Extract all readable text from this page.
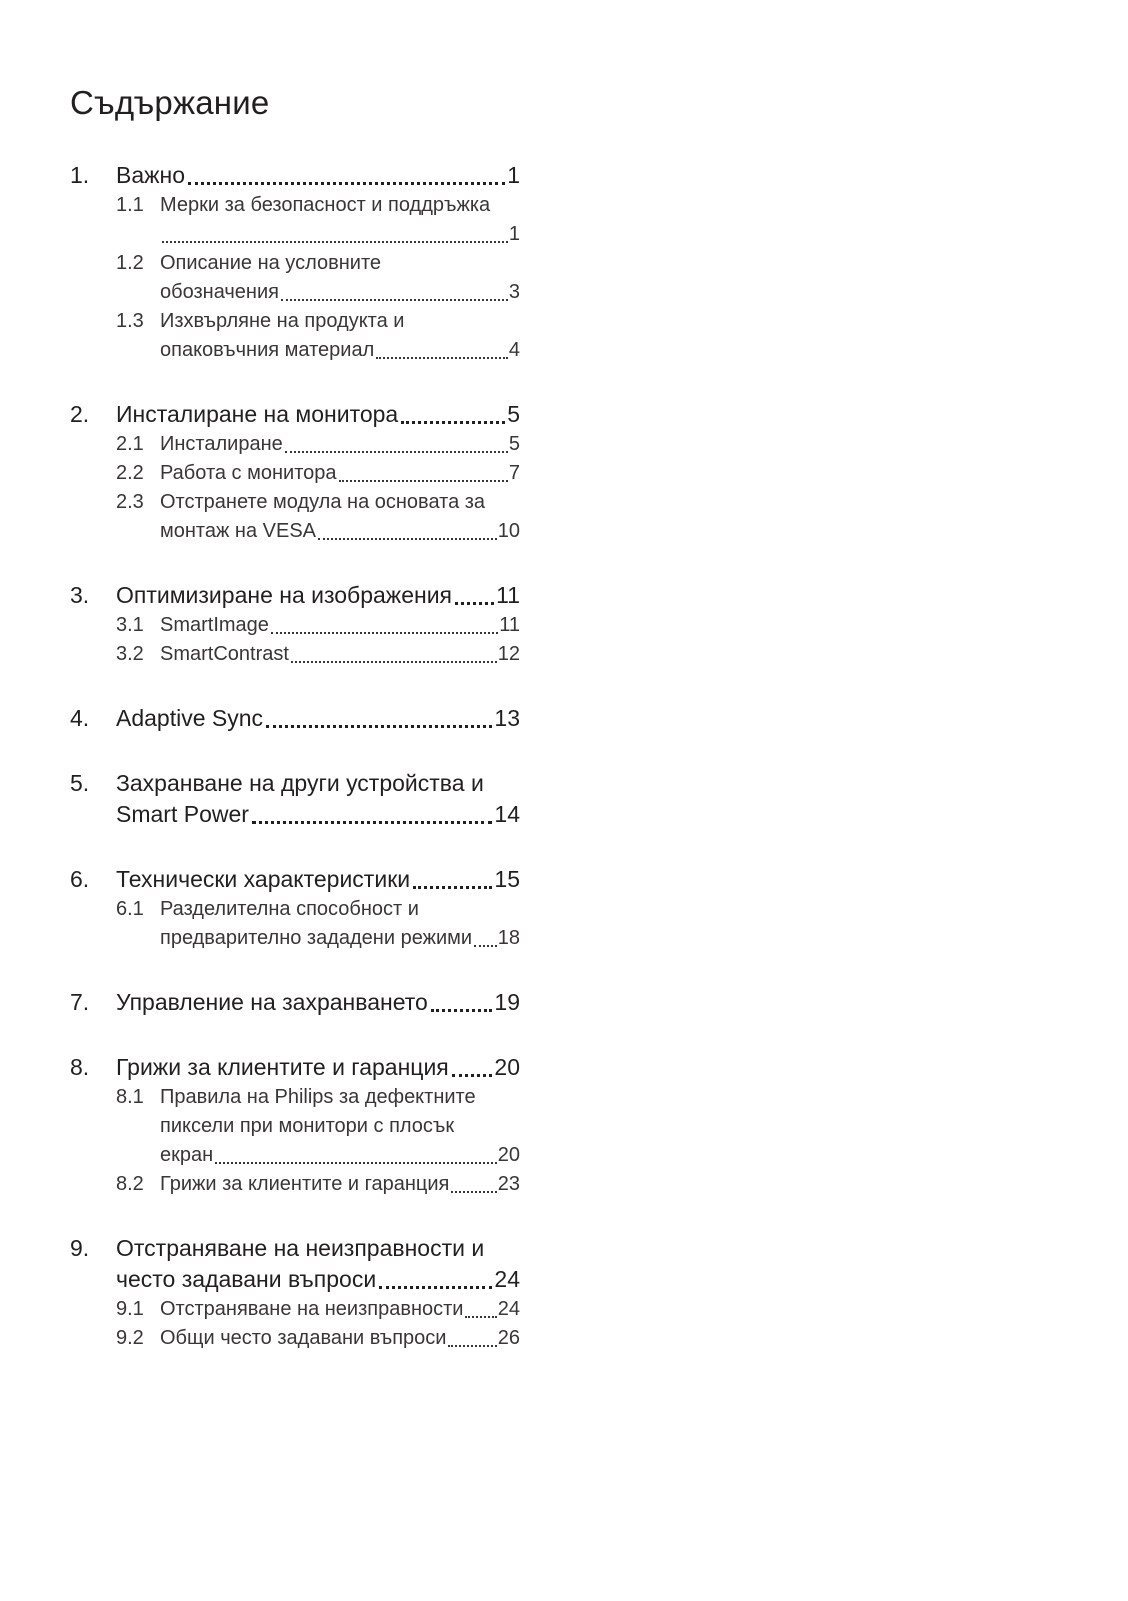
Съдържание
1.	Важно	1
1.1 Мерки за безопасност и поддръжка
1
1.2 Описание на условните
обозначения	3
1.3 Изхвърляне на продукта и
опаковъчния материал	4
2.	Инсталиране на монитора	5
2.1 Инсталиране	5
2.2 Работа с монитора	7
2.3 Отстранете модула на основата за
монтаж на VESA	10
3.	Оптимизиране на изображения 11
3.1 SmartImage	11
3.2 SmartContrast	12
4.	Adaptive Sync	13
5.	Захранване на други устройства и
Smart Power	14
6.	Технически характеристики	15
6.1 Разделителна способност и
предварително зададени режими 18
7.	Управление на захранването	19
8.	Грижи за клиентите и гаранция 20
8.1 Правила на Philips за дефектните
пиксели при монитори с плосък
екран	20
8.2 Грижи за клиентите и гаранция 23
9.	Отстраняване на неизправности и
често задавани въпроси	24
9.1 Отстраняване на неизправности 24
9.2 Общи често задавани въпроси	26
